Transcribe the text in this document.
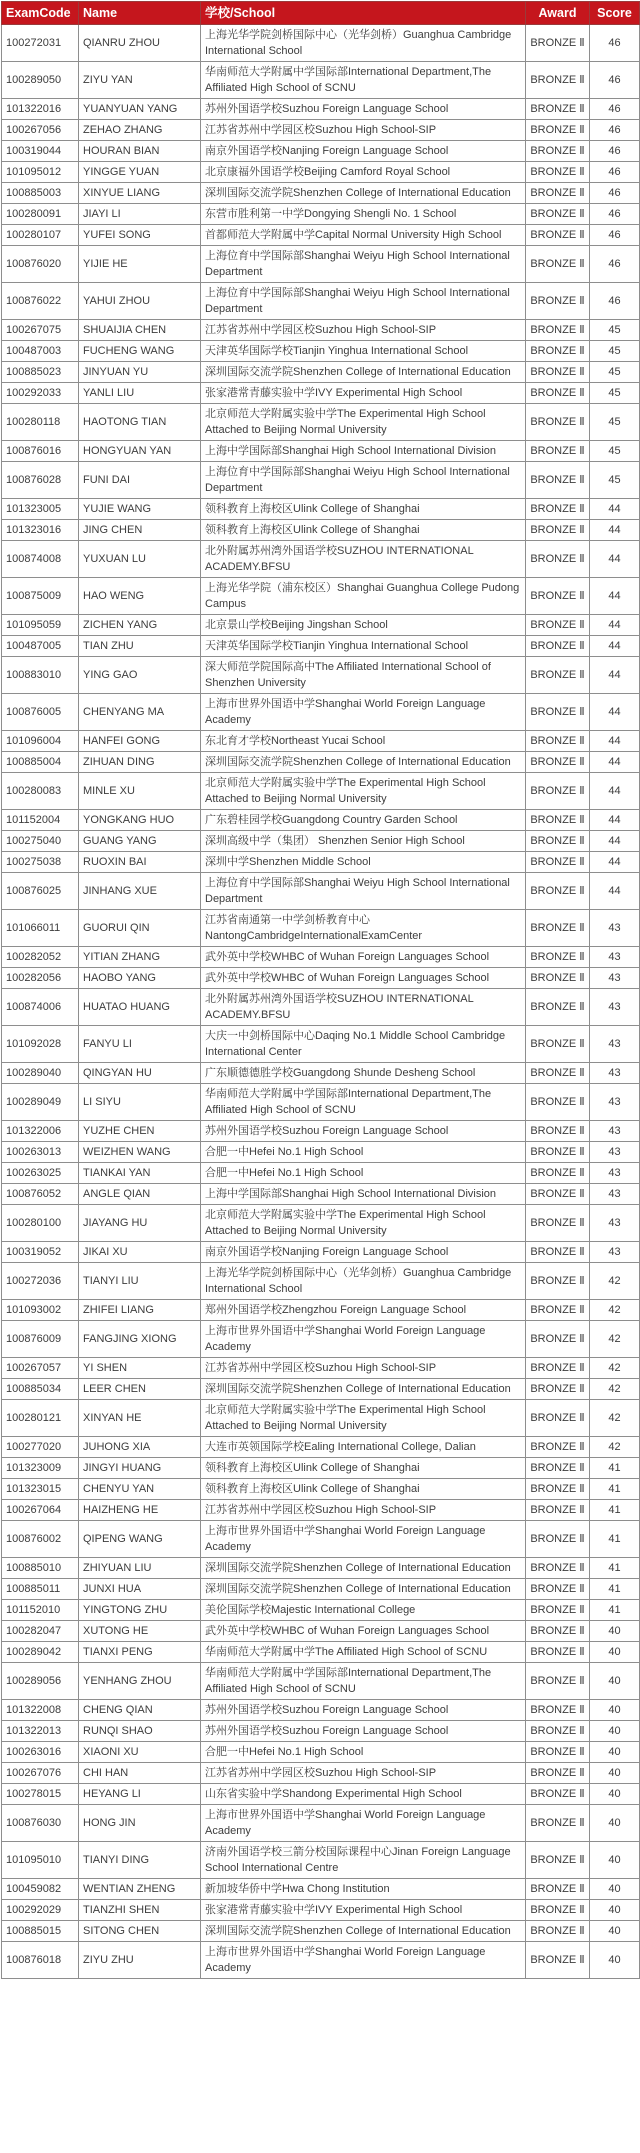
ExamCode	Name	学校/School	Award	Score
100272031	QIANRU ZHOU	上海光华学院剑桥国际中心（光华剑桥）Guanghua Cambridge International School	BRONZE Ⅱ	46
100289050	ZIYU YAN	华南师范大学附属中学国际部International Department,The Affiliated High School of SCNU	BRONZE Ⅱ	46
101322016	YUANYUAN YANG	苏州外国语学校Suzhou Foreign Language School	BRONZE Ⅱ	46
100267056	ZEHAO ZHANG	江苏省苏州中学园区校Suzhou High School-SIP	BRONZE Ⅱ	46
100319044	HOURAN BIAN	南京外国语学校Nanjing Foreign Language School	BRONZE Ⅱ	46
101095012	YINGGE YUAN	北京康福外国语学校Beijing Camford Royal School	BRONZE Ⅱ	46
100885003	XINYUE LIANG	深圳国际交流学院Shenzhen College of International Education	BRONZE Ⅱ	46
100280091	JIAYI LI	东营市胜利第一中学Dongying Shengli No. 1 School	BRONZE Ⅱ	46
100280107	YUFEI SONG	首都师范大学附属中学Capital Normal University High School	BRONZE Ⅱ	46
100876020	YIJIE HE	上海位育中学国际部Shanghai Weiyu High School International Department	BRONZE Ⅱ	46
100876022	YAHUI ZHOU	上海位育中学国际部Shanghai Weiyu High School International Department	BRONZE Ⅱ	46
100267075	SHUAIJIA CHEN	江苏省苏州中学园区校Suzhou High School-SIP	BRONZE Ⅱ	45
100487003	FUCHENG WANG	天津英华国际学校Tianjin Yinghua International School	BRONZE Ⅱ	45
100885023	JINYUAN YU	深圳国际交流学院Shenzhen College of International Education	BRONZE Ⅱ	45
100292033	YANLI LIU	张家港常青藤实验中学IVY Experimental High School	BRONZE Ⅱ	45
100280118	HAOTONG TIAN	北京师范大学附属实验中学The Experimental High School Attached to Beijing Normal University	BRONZE Ⅱ	45
100876016	HONGYUAN YAN	上海中学国际部Shanghai High School International Division	BRONZE Ⅱ	45
100876028	FUNI DAI	上海位育中学国际部Shanghai Weiyu High School International Department	BRONZE Ⅱ	45
101323005	YUJIE WANG	领科教育上海校区Ulink College of Shanghai	BRONZE Ⅱ	44
101323016	JING CHEN	领科教育上海校区Ulink College of Shanghai	BRONZE Ⅱ	44
100874008	YUXUAN LU	北外附属苏州湾外国语学校SUZHOU INTERNATIONAL ACADEMY.BFSU	BRONZE Ⅱ	44
100875009	HAO WENG	上海光华学院（浦东校区）Shanghai Guanghua College Pudong Campus	BRONZE Ⅱ	44
101095059	ZICHEN YANG	北京景山学校Beijing Jingshan School	BRONZE Ⅱ	44
100487005	TIAN ZHU	天津英华国际学校Tianjin Yinghua International School	BRONZE Ⅱ	44
100883010	YING GAO	深大师范学院国际高中The Affiliated International School of Shenzhen University	BRONZE Ⅱ	44
100876005	CHENYANG MA	上海市世界外国语中学Shanghai World Foreign Language Academy	BRONZE Ⅱ	44
101096004	HANFEI GONG	东北育才学校Northeast Yucai School	BRONZE Ⅱ	44
100885004	ZIHUAN DING	深圳国际交流学院Shenzhen College of International Education	BRONZE Ⅱ	44
100280083	MINLE XU	北京师范大学附属实验中学The Experimental High School Attached to Beijing Normal University	BRONZE Ⅱ	44
101152004	YONGKANG HUO	广东碧桂园学校Guangdong Country Garden School	BRONZE Ⅱ	44
100275040	GUANG YANG	深圳高级中学（集团） Shenzhen Senior High School	BRONZE Ⅱ	44
100275038	RUOXIN BAI	深圳中学Shenzhen Middle School	BRONZE Ⅱ	44
100876025	JINHANG XUE	上海位育中学国际部Shanghai Weiyu High School International Department	BRONZE Ⅱ	44
101066011	GUORUI QIN	江苏省南通第一中学剑桥教育中心NantongCambridgeInternationalExamCenter	BRONZE Ⅱ	43
100282052	YITIAN ZHANG	武外英中学校WHBC of Wuhan Foreign Languages School	BRONZE Ⅱ	43
100282056	HAOBO YANG	武外英中学校WHBC of Wuhan Foreign Languages School	BRONZE Ⅱ	43
100874006	HUATAO HUANG	北外附属苏州湾外国语学校SUZHOU INTERNATIONAL ACADEMY.BFSU	BRONZE Ⅱ	43
101092028	FANYU LI	大庆一中剑桥国际中心Daqing No.1 Middle School Cambridge International Center	BRONZE Ⅱ	43
100289040	QINGYAN HU	广东顺德德胜学校Guangdong Shunde Desheng School	BRONZE Ⅱ	43
100289049	LI SIYU	华南师范大学附属中学国际部International Department,The Affiliated High School of SCNU	BRONZE Ⅱ	43
101322006	YUZHE CHEN	苏州外国语学校Suzhou Foreign Language School	BRONZE Ⅱ	43
100263013	WEIZHEN WANG	合肥一中Hefei No.1 High School	BRONZE Ⅱ	43
100263025	TIANKAI YAN	合肥一中Hefei No.1 High School	BRONZE Ⅱ	43
100876052	ANGLE QIAN	上海中学国际部Shanghai High School International Division	BRONZE Ⅱ	43
100280100	JIAYANG HU	北京师范大学附属实验中学The Experimental High School Attached to Beijing Normal University	BRONZE Ⅱ	43
100319052	JIKAI XU	南京外国语学校Nanjing Foreign Language School	BRONZE Ⅱ	43
100272036	TIANYI LIU	上海光华学院剑桥国际中心（光华剑桥）Guanghua Cambridge International School	BRONZE Ⅱ	42
101093002	ZHIFEI LIANG	郑州外国语学校Zhengzhou Foreign Language School	BRONZE Ⅱ	42
100876009	FANGJING XIONG	上海市世界外国语中学Shanghai World Foreign Language Academy	BRONZE Ⅱ	42
100267057	YI SHEN	江苏省苏州中学园区校Suzhou High School-SIP	BRONZE Ⅱ	42
100885034	LEER CHEN	深圳国际交流学院Shenzhen College of International Education	BRONZE Ⅱ	42
100280121	XINYAN HE	北京师范大学附属实验中学The Experimental High School Attached to Beijing Normal University	BRONZE Ⅱ	42
100277020	JUHONG XIA	大连市英领国际学校Ealing International College, Dalian	BRONZE Ⅱ	42
101323009	JINGYI HUANG	领科教育上海校区Ulink College of Shanghai	BRONZE Ⅱ	41
101323015	CHENYU YAN	领科教育上海校区Ulink College of Shanghai	BRONZE Ⅱ	41
100267064	HAIZHENG HE	江苏省苏州中学园区校Suzhou High School-SIP	BRONZE Ⅱ	41
100876002	QIPENG WANG	上海市世界外国语中学Shanghai World Foreign Language Academy	BRONZE Ⅱ	41
100885010	ZHIYUAN LIU	深圳国际交流学院Shenzhen College of International Education	BRONZE Ⅱ	41
100885011	JUNXI HUA	深圳国际交流学院Shenzhen College of International Education	BRONZE Ⅱ	41
101152010	YINGTONG ZHU	美伦国际学校Majestic International College	BRONZE Ⅱ	41
100282047	XUTONG HE	武外英中学校WHBC of Wuhan Foreign Languages School	BRONZE Ⅱ	40
100289042	TIANXI PENG	华南师范大学附属中学The Affiliated High School of SCNU	BRONZE Ⅱ	40
100289056	YENHANG ZHOU	华南师范大学附属中学国际部International Department,The Affiliated High School of SCNU	BRONZE Ⅱ	40
101322008	CHENG QIAN	苏州外国语学校Suzhou Foreign Language School	BRONZE Ⅱ	40
101322013	RUNQI SHAO	苏州外国语学校Suzhou Foreign Language School	BRONZE Ⅱ	40
100263016	XIAONI XU	合肥一中Hefei No.1 High School	BRONZE Ⅱ	40
100267076	CHI HAN	江苏省苏州中学园区校Suzhou High School-SIP	BRONZE Ⅱ	40
100278015	HEYANG LI	山东省实验中学Shandong Experimental High School	BRONZE Ⅱ	40
100876030	HONG JIN	上海市世界外国语中学Shanghai World Foreign Language Academy	BRONZE Ⅱ	40
101095010	TIANYI DING	济南外国语学校三箭分校国际课程中心Jinan Foreign Language School International Centre	BRONZE Ⅱ	40
100459082	WENTIAN ZHENG	新加坡华侨中学Hwa Chong Institution	BRONZE Ⅱ	40
100292029	TIANZHI SHEN	张家港常青藤实验中学IVY Experimental High School	BRONZE Ⅱ	40
100885015	SITONG CHEN	深圳国际交流学院Shenzhen College of International Education	BRONZE Ⅱ	40
100876018	ZIYU ZHU	上海市世界外国语中学Shanghai World Foreign Language Academy	BRONZE Ⅱ	40
